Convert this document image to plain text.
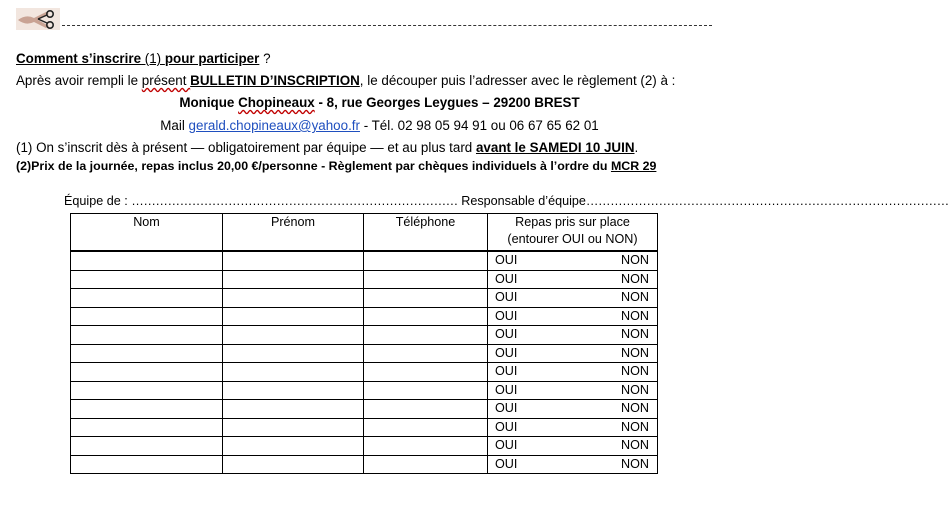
Comment s’inscrire (1) pour participer ?
Après avoir rempli le présent BULLETIN D’INSCRIPTION, le découper puis l’adresser avec le règlement (2) à :
Monique Chopineaux - 8, rue Georges Leygues – 29200 BREST
Mail gerald.chopineaux@yahoo.fr - Tél. 02 98 05 94 91 ou 06 67 65 62 01
(1) On s’inscrit dès à présent — obligatoirement par équipe — et au plus tard avant le SAMEDI 10 JUIN.
(2)Prix de la journée, repas inclus 20,00 €/personne - Règlement par chèques individuels à l’ordre du MCR 29
Équipe de : ……………………………………………………………………… Responsable d’équipe………………………………………………………………………………
Nom	Prénom	Téléphone	Repas pris sur place
(entourer OUI ou NON)

			OUI NON

			OUI NON

			OUI NON

			OUI NON

			OUI NON

			OUI NON

			OUI NON

			OUI NON

			OUI NON

			OUI NON

			OUI NON

			OUI NON
